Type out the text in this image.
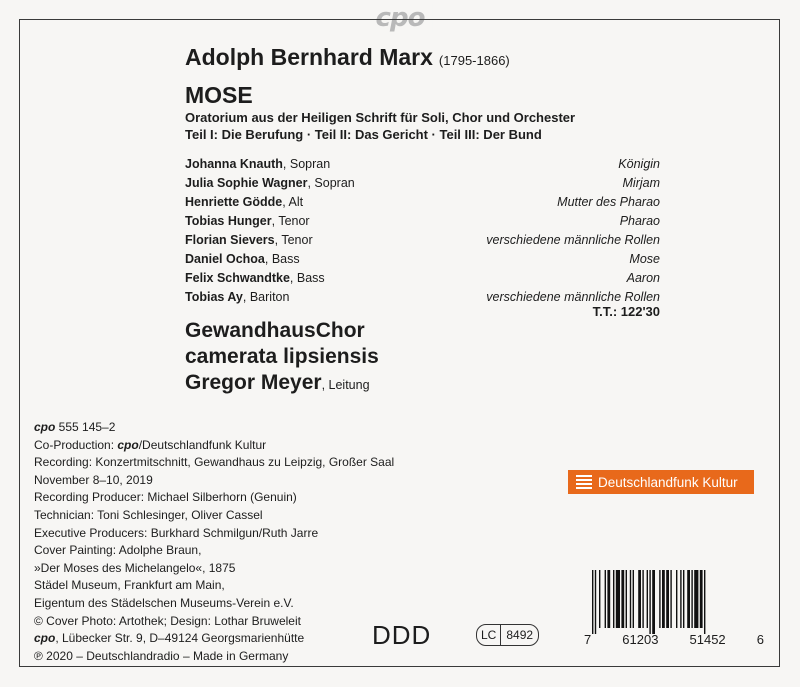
cpo
Adolph Bernhard Marx (1795-1866)
MOSE
Oratorium aus der Heiligen Schrift für Soli, Chor und Orchester
Teil I: Die Berufung · Teil II: Das Gericht · Teil III: Der Bund
Johanna Knauth, Sopran	Königin
Julia Sophie Wagner, Sopran	Mirjam
Henriette Gödde, Alt	Mutter des Pharao
Tobias Hunger, Tenor	Pharao
Florian Sievers, Tenor	verschiedene männliche Rollen
Daniel Ochoa, Bass	Mose
Felix Schwandtke, Bass	Aaron
Tobias Ay, Bariton	verschiedene männliche Rollen
T.T.: 122'30
GewandhausChor
camerata lipsiensis
Gregor Meyer, Leitung
cpo 555 145–2
Co-Production: cpo/Deutschlandfunk Kultur
Recording: Konzertmitschnitt, Gewandhaus zu Leipzig, Großer Saal
November 8–10, 2019
Recording Producer: Michael Silberhorn (Genuin)
Technician: Toni Schlesinger, Oliver Cassel
Executive Producers: Burkhard Schmilgun/Ruth Jarre
Cover Painting: Adolphe Braun,
»Der Moses des Michelangelo«, 1875
Städel Museum, Frankfurt am Main,
Eigentum des Städelschen Museums-Verein e.V.
© Cover Photo: Artothek; Design: Lothar Bruweleit
cpo, Lübecker Str. 9, D–49124 Georgsmarienhütte
℗ 2020 – Deutschlandradio – Made in Germany
Deutschlandfunk Kultur
DDD	LC 8492	7 61203 51452 6
